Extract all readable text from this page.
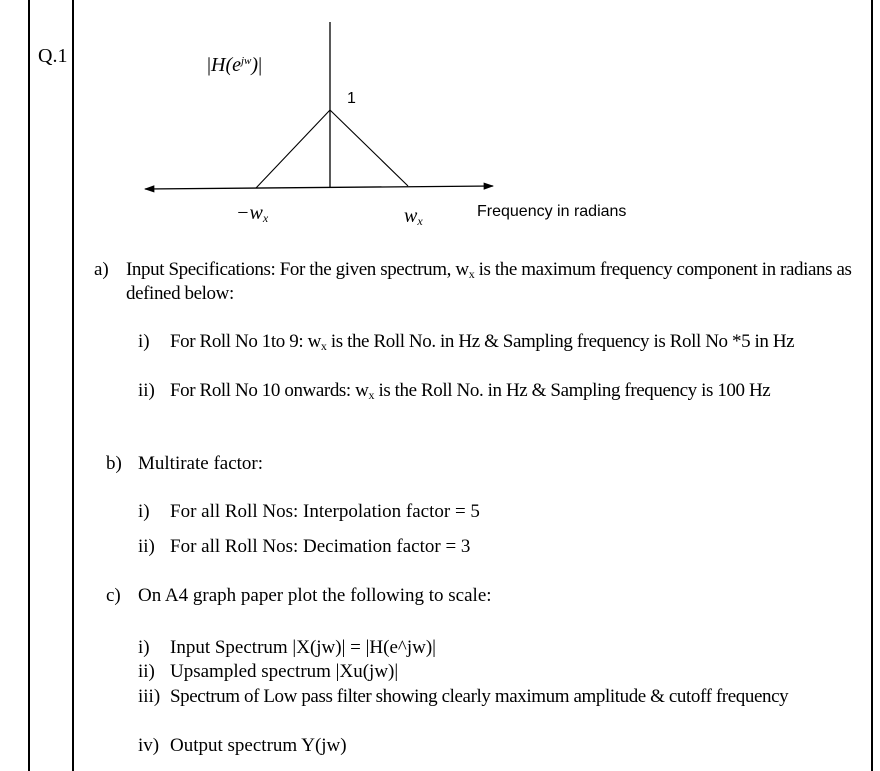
Q.1	$|H(e^{jw})|$
1
$-w_x$	$w_x$
Frequency in radians
a) Input Specifications: For the given spectrum, $w_x$ is the maximum frequency component in radians as defined below:
i) For Roll No 1to 9: $w_x$ is the Roll No. in Hz & Sampling frequency is Roll No *5 in Hz
ii) For Roll No 10 onwards: $w_x$ is the Roll No. in Hz & Sampling frequency is 100 Hz
b) Multirate factor:
i) For all Roll Nos: Interpolation factor = 5
ii) For all Roll Nos: Decimation factor = 3
c) On A4 graph paper plot the following to scale:
i) Input Spectrum |X(jw)| = |H(e^jw)|
ii) Upsampled spectrum |Xu(jw)|
iii) Spectrum of Low pass filter showing clearly maximum amplitude & cutoff frequency
iv) Output spectrum Y(jw)
